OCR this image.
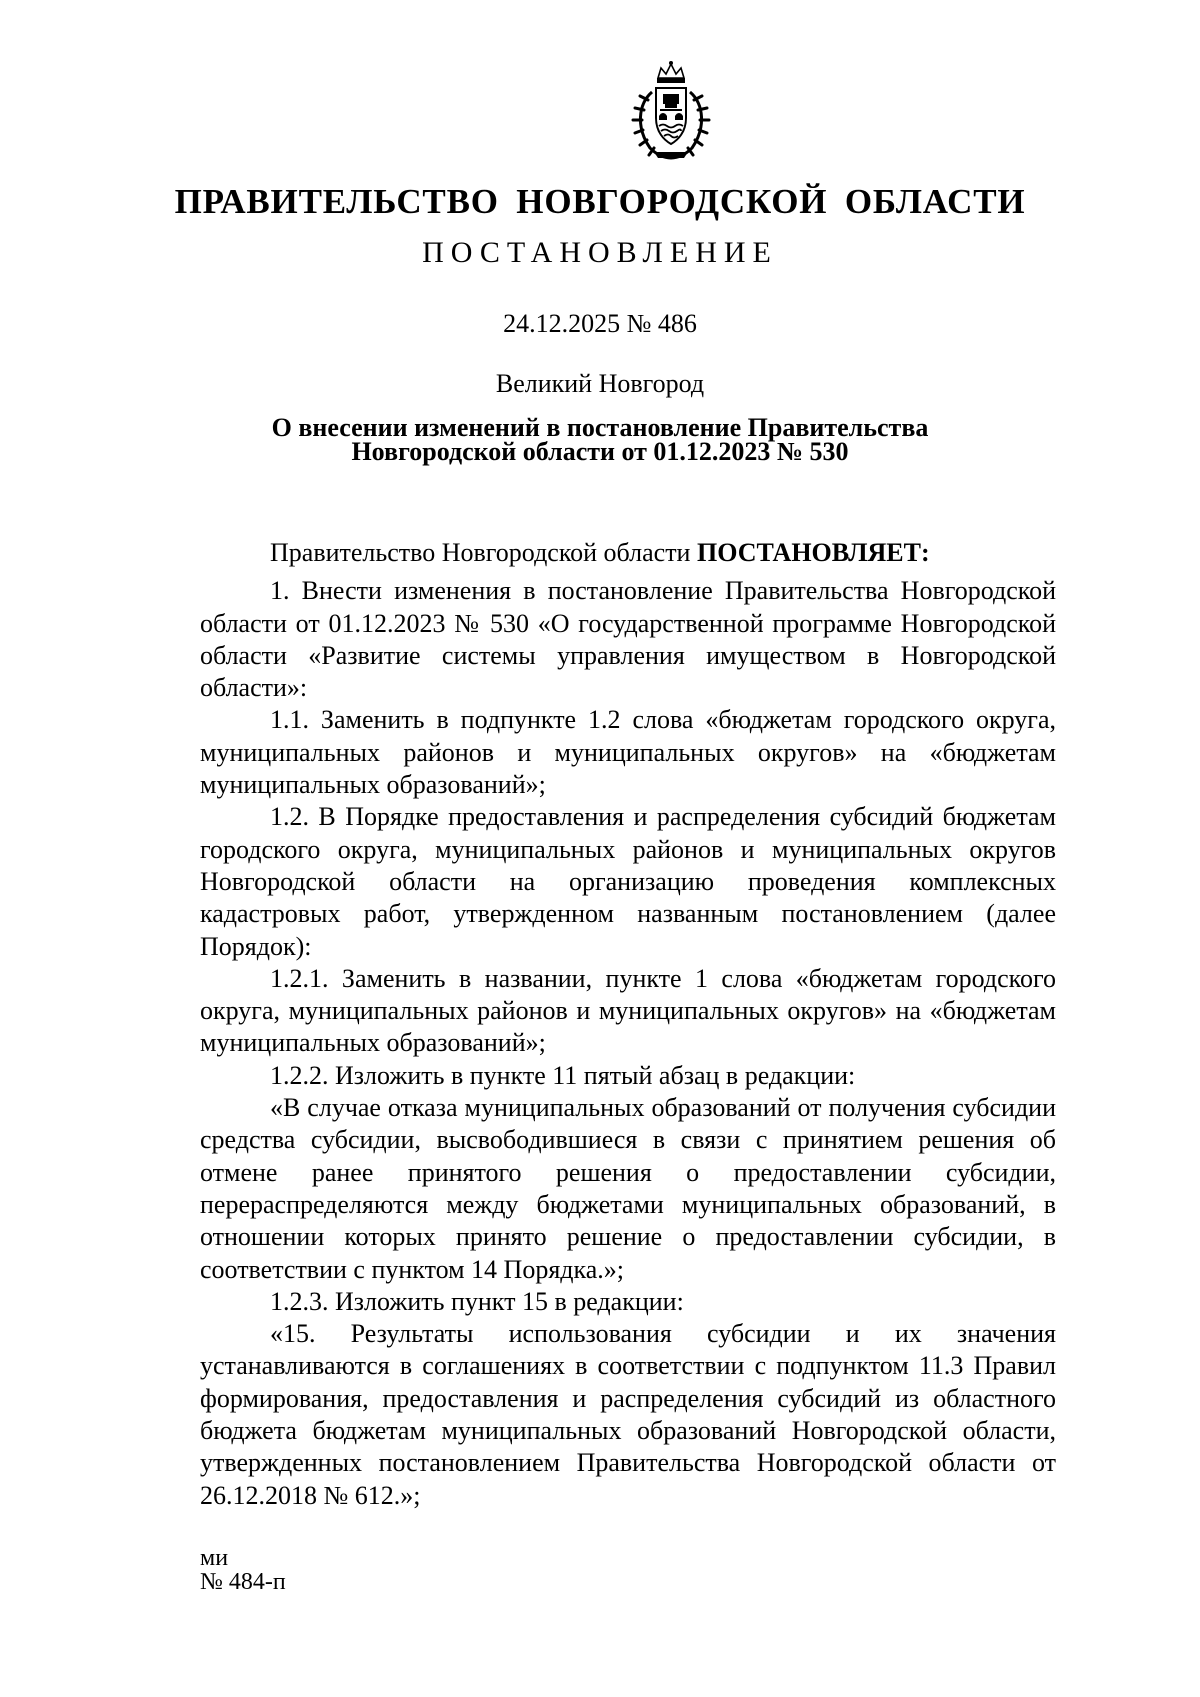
ПРАВИТЕЛЬСТВО НОВГОРОДСКОЙ ОБЛАСТИ
ПОСТАНОВЛЕНИЕ
24.12.2025 № 486
Великий Новгород
О внесении изменений в постановление Правительства
Новгородской области от 01.12.2023 № 530

Правительство Новгородской области ПОСТАНОВЛЯЕТ:

1. Внести изменения в постановление Правительства Новгородской области от 01.12.2023 № 530 «О государственной программе Новгородской области «Развитие системы управления имуществом в Новгородской области»:

1.1. Заменить в подпункте 1.2 слова «бюджетам городского округа, муниципальных районов и муниципальных округов» на «бюджетам муниципальных образований»;

1.2. В Порядке предоставления и распределения субсидий бюджетам городского округа, муниципальных районов и муниципальных округов Новгородской области на организацию проведения комплексных кадастровых работ, утвержденном названным постановлением (далее Порядок):

1.2.1. Заменить в названии, пункте 1 слова «бюджетам городского округа, муниципальных районов и муниципальных округов» на «бюджетам муниципальных образований»;

1.2.2. Изложить в пункте 11 пятый абзац в редакции:

«В случае отказа муниципальных образований от получения субсидии средства субсидии, высвободившиеся в связи с принятием решения об отмене ранее принятого решения о предоставлении субсидии, перераспределяются между бюджетами муниципальных образований, в отношении которых принято решение о предоставлении субсидии, в соответствии с пунктом 14 Порядка.»;

1.2.3. Изложить пункт 15 в редакции:

«15. Результаты использования субсидии и их значения устанавливаются в соглашениях в соответствии с подпунктом 11.3 Правил формирования, предоставления и распределения субсидий из областного бюджета бюджетам муниципальных образований Новгородской области, утвержденных постановлением Правительства Новгородской области от 26.12.2018 № 612.»;

ми
№ 484-п
